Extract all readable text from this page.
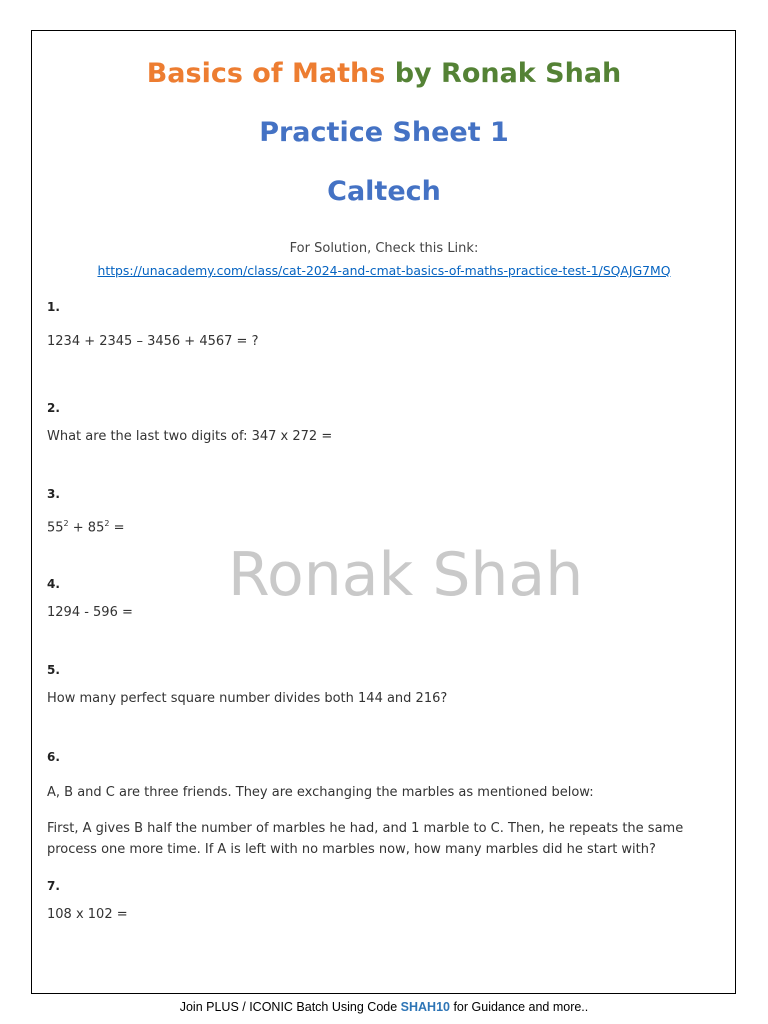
Basics of Maths by Ronak Shah
Practice Sheet 1
Caltech
For Solution, Check this Link:
https://unacademy.com/class/cat-2024-and-cmat-basics-of-maths-practice-test-1/SQAJG7MQ
1.
1234 + 2345 – 3456 + 4567 = ?
2.
What are the last two digits of: 347 x 272 =
3.
$55^2 + 85^2$ =
Ronak Shah
4.
1294 - 596 =
5.
How many perfect square number divides both 144 and 216?
6.
A, B and C are three friends. They are exchanging the marbles as mentioned below:
First, A gives B half the number of marbles he had, and 1 marble to C. Then, he repeats the same process one more time. If A is left with no marbles now, how many marbles did he start with?
7.
108 x 102 =
Join PLUS / ICONIC Batch Using Code SHAH10 for Guidance and more..
